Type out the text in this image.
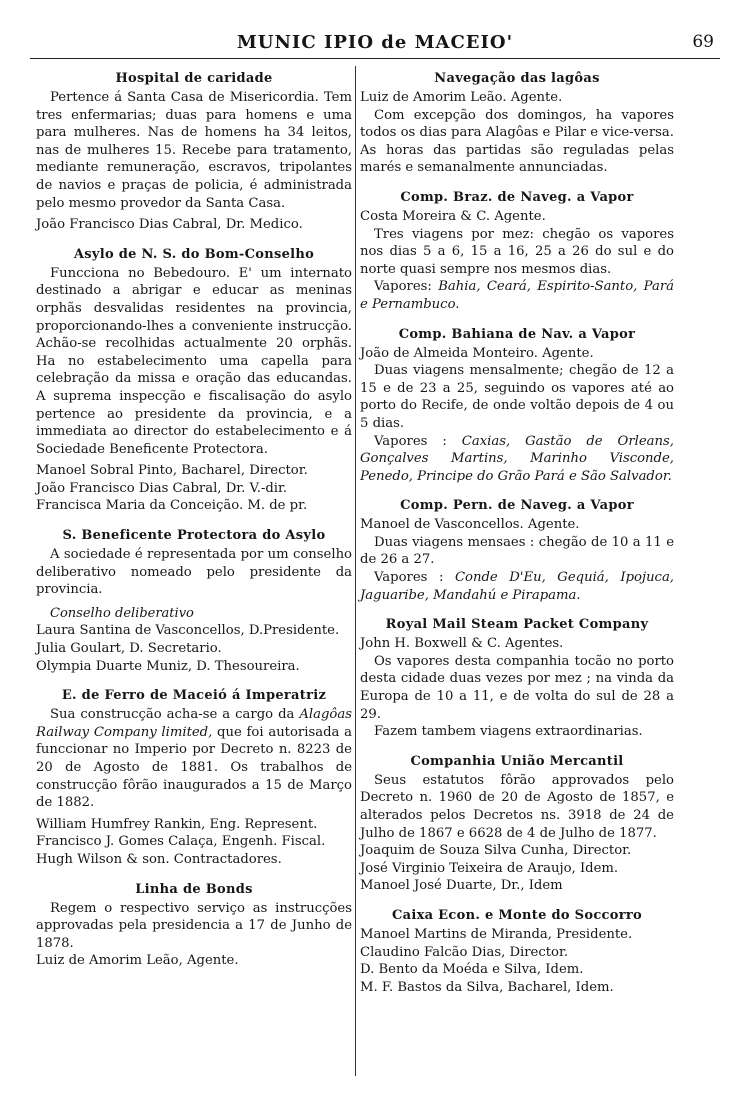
MUNIC IPIO de MACEIO'	69
Hospital de caridade

Pertence á Santa Casa de Misericordia. Tem tres enfermarias; duas para homens e uma para mulheres. Nas de homens ha 34 leitos, nas de mulheres 15. Recebe para tratamento, mediante remuneração, escravos, tripolantes de navios e praças de policia, é administrada pelo mesmo provedor da Santa Casa.

João Francisco Dias Cabral, Dr. Medico.

Asylo de N. S. do Bom-Conselho

Funcciona no Bebedouro. E' um internato destinado a abrigar e educar as meninas orphãs desvalidas residentes na provincia, proporcionando-lhes a conveniente instrucção. Achão-se recolhidas actualmente 20 orphãs. Ha no estabelecimento uma capella para celebração da missa e oração das educandas. A suprema inspecção e fiscalisação do asylo pertence ao presidente da provincia, e a immediata ao director do estabelecimento e á Sociedade Beneficente Protectora.

Manoel Sobral Pinto, Bacharel, Director.

João Francisco Dias Cabral, Dr. V.-dir.

Francisca Maria da Conceição. M. de pr.

S. Beneficente Protectora do Asylo

A sociedade é representada por um conselho deliberativo nomeado pelo presidente da provincia.

Conselho deliberativo

Laura Santina de Vasconcellos, D.Presidente.

Julia Goulart, D. Secretario.

Olympia Duarte Muniz, D. Thesoureira.

E. de Ferro de Maceió á Imperatriz

Sua construcção acha-se a cargo da Alagôas Railway Company limited, que foi autorisada a funccionar no Imperio por Decreto n. 8223 de 20 de Agosto de 1881. Os trabalhos de construcção fôrão inaugurados a 15 de Março de 1882.

William Humfrey Rankin, Eng. Represent.

Francisco J. Gomes Calaça, Engenh. Fiscal.

Hugh Wilson & son. Contractadores.

Linha de Bonds

Regem o respectivo serviço as instrucções approvadas pela presidencia a 17 de Junho de 1878.

Luiz de Amorim Leão, Agente.

Navegação das lagôas

Luiz de Amorim Leão. Agente.

Com excepção dos domingos, ha vapores todos os dias para Alagôas e Pilar e vice-versa. As horas das partidas são reguladas pelas marés e semanalmente annunciadas.

Comp. Braz. de Naveg. a Vapor

Costa Moreira & C. Agente.

Tres viagens por mez: chegão os vapores nos dias 5 a 6, 15 a 16, 25 a 26 do sul e do norte quasi sempre nos mesmos dias.

Vapores: Bahia, Ceará, Espirito-Santo, Pará e Pernambuco.

Comp. Bahiana de Nav. a Vapor

João de Almeida Monteiro. Agente.

Duas viagens mensalmente; chegão de 12 a 15 e de 23 a 25, seguindo os vapores até ao porto do Recife, de onde voltão depois de 4 ou 5 dias.

Vapores : Caxias, Gastão de Orleans, Gonçalves Martins, Marinho Visconde, Penedo, Principe do Grão Pará e São Salvador.

Comp. Pern. de Naveg. a Vapor

Manoel de Vasconcellos. Agente.

Duas viagens mensaes : chegão de 10 a 11 e de 26 a 27.

Vapores : Conde D'Eu, Gequiá, Ipojuca, Jaguaribe, Mandahú e Pirapama.

Royal Mail Steam Packet Company

John H. Boxwell & C. Agentes.

Os vapores desta companhia tocão no porto desta cidade duas vezes por mez ; na vinda da Europa de 10 a 11, e de volta do sul de 28 a 29.

Fazem tambem viagens extraordinarias.

Companhia União Mercantil

Seus estatutos fôrão approvados pelo Decreto n. 1960 de 20 de Agosto de 1857, e alterados pelos Decretos ns. 3918 de 24 de Julho de 1867 e 6628 de 4 de Julho de 1877.

Joaquim de Souza Silva Cunha, Director.

José Virginio Teixeira de Araujo, Idem.

Manoel José Duarte, Dr., Idem

Caixa Econ. e Monte do Soccorro

Manoel Martins de Miranda, Presidente.

Claudino Falcão Dias, Director.

D. Bento da Moéda e Silva, Idem.

M. F. Bastos da Silva, Bacharel, Idem.
